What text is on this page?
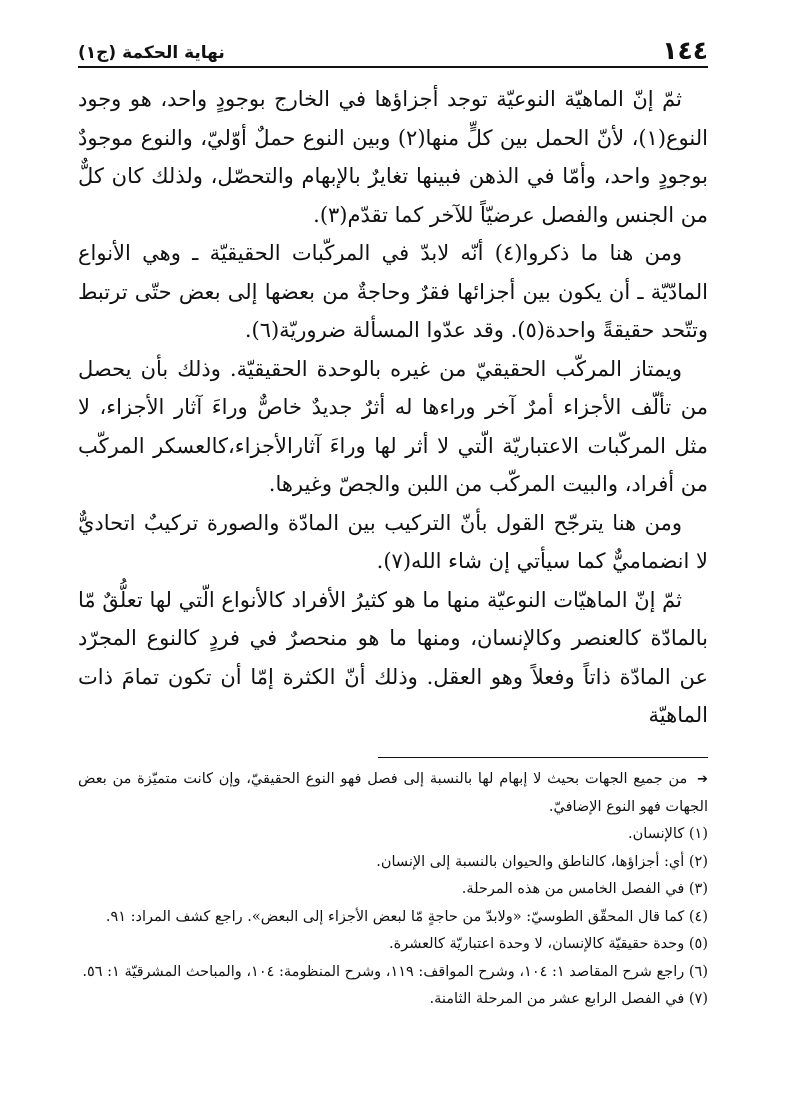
١٤٤
نهاية الحكمة (ج١)

ثمّ إنّ الماهيّة النوعيّة توجد أجزاؤها في الخارج بوجودٍ واحد، هو وجود النوع(١)، لأنّ الحمل بين كلٍّ منها(٢) وبين النوع حملٌ أوّليّ، والنوع موجودٌ بوجودٍ واحد، وأمّا في الذهن فبينها تغايرٌ بالإبهام والتحصّل، ولذلك كان كلٌّ من الجنس والفصل عرضيّاً للآخر كما تقدّم(٣).

ومن هنا ما ذكروا(٤) أنّه لابدّ في المركّبات الحقيقيّة ـ وهي الأنواع المادّيّة ـ أن يكون بين أجزائها فقرٌ وحاجةٌ من بعضها إلى بعض حتّى ترتبط وتتّحد حقيقةً واحدة(٥). وقد عدّوا المسألة ضروريّة(٦).

ويمتاز المركّب الحقيقيّ من غيره بالوحدة الحقيقيّة. وذلك بأن يحصل من تألّف الأجزاء أمرٌ آخر وراءها له أثرٌ جديدٌ خاصٌّ وراءَ آثار الأجزاء، لا مثل المركّبات الاعتباريّة الّتي لا أثر لها وراءَ آثارالأجزاء،كالعسكر المركّب من أفراد، والبيت المركّب من اللبن والجصّ وغيرها.

ومن هنا يترجّح القول بأنّ التركيب بين المادّة والصورة تركيبٌ اتحاديٌّ لا انضماميٌّ كما سيأتي إن شاء الله(٧).

ثمّ إنّ الماهيّات النوعيّة منها ما هو كثيرُ الأفراد كالأنواع الّتي لها تعلُّقٌ مّا بالمادّة كالعنصر وكالإنسان، ومنها ما هو منحصرٌ في فردٍ كالنوع المجرّد عن المادّة ذاتاً وفعلاً وهو العقل. وذلك أنّ الكثرة إمّا أن تكون تمامَ ذات الماهيّة

➔ من جميع الجهات بحيث لا إبهام لها بالنسبة إلى فصل فهو النوع الحقيقيّ، وإن كانت متميّزة من بعض الجهات فهو النوع الإضافيّ.

(١) كالإنسان.

(٢) أي: أجزاؤها، كالناطق والحيوان بالنسبة إلى الإنسان.

(٣) في الفصل الخامس من هذه المرحلة.

(٤) كما قال المحقّق الطوسيّ: «ولابدّ من حاجةٍ مّا لبعض الأجزاء إلى البعض». راجع كشف المراد: ٩١.

(٥) وحدة حقيقيّة كالإنسان، لا وحدة اعتباريّة كالعشرة.

(٦) راجع شرح المقاصد ١: ١٠٤، وشرح المواقف: ١١٩، وشرح المنظومة: ١٠٤، والمباحث المشرقيّة ١: ٥٦.

(٧) في الفصل الرابع عشر من المرحلة الثامنة.
